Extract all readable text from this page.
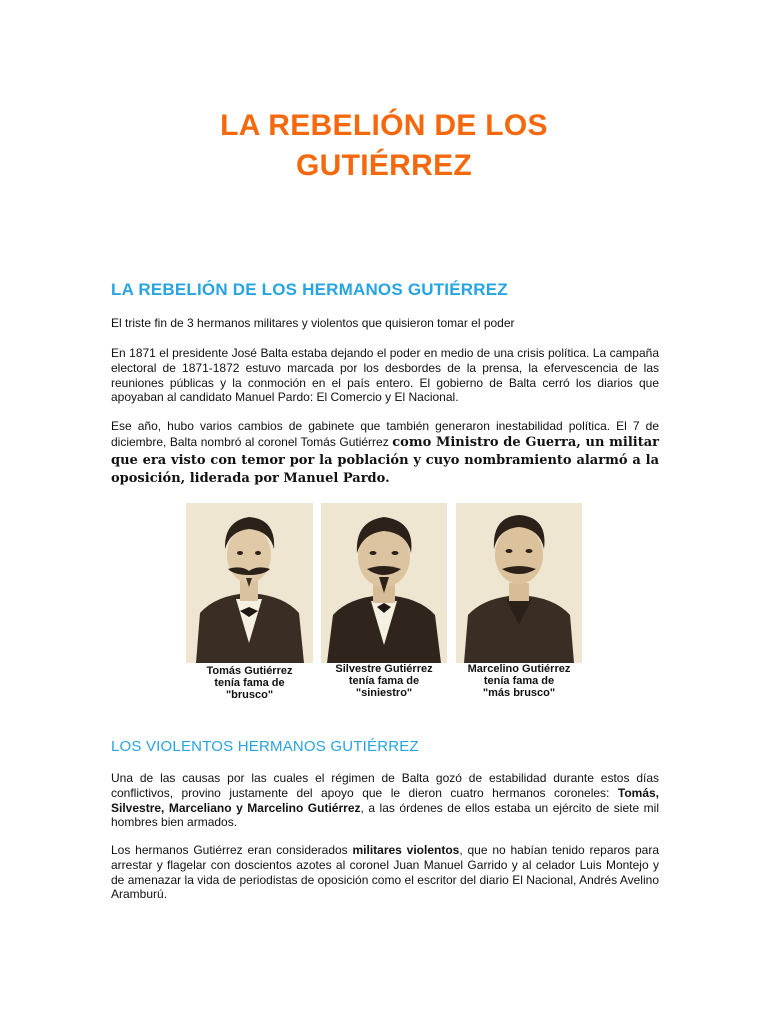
LA REBELIÓN DE LOS
GUTIÉRREZ
LA REBELIÓN DE LOS HERMANOS GUTIÉRREZ
El triste fin de 3 hermanos militares y violentos que quisieron tomar el poder
En 1871 el presidente José Balta estaba dejando el poder en medio de una crisis política. La campaña electoral de 1871-1872 estuvo marcada por los desbordes de la prensa, la efervescencia de las reuniones públicas y la conmoción en el país entero. El gobierno de Balta cerró los diarios que apoyaban al candidato Manuel Pardo: El Comercio y El Nacional.
Ese año, hubo varios cambios de gabinete que también generaron inestabilidad política. El 7 de diciembre, Balta nombró al coronel Tomás Gutiérrez como Ministro de Guerra, un militar que era visto con temor por la población y cuyo nombramiento alarmó a la oposición, liderada por Manuel Pardo.
Tomás Gutiérrez
tenía fama de
"brusco"
Silvestre Gutiérrez
tenía fama de
"siniestro"
Marcelino Gutiérrez
tenía fama de
"más brusco"
LOS VIOLENTOS HERMANOS GUTIÉRREZ
Una de las causas por las cuales el régimen de Balta gozó de estabilidad durante estos días conflictivos, provino justamente del apoyo que le dieron cuatro hermanos coroneles: Tomás, Silvestre, Marceliano y Marcelino Gutiérrez, a las órdenes de ellos estaba un ejército de siete mil hombres bien armados.
Los hermanos Gutiérrez eran considerados militares violentos, que no habían tenido reparos para arrestar y flagelar con doscientos azotes al coronel Juan Manuel Garrido y al celador Luis Montejo y de amenazar la vida de periodistas de oposición como el escritor del diario El Nacional, Andrés Avelino Aramburú.
